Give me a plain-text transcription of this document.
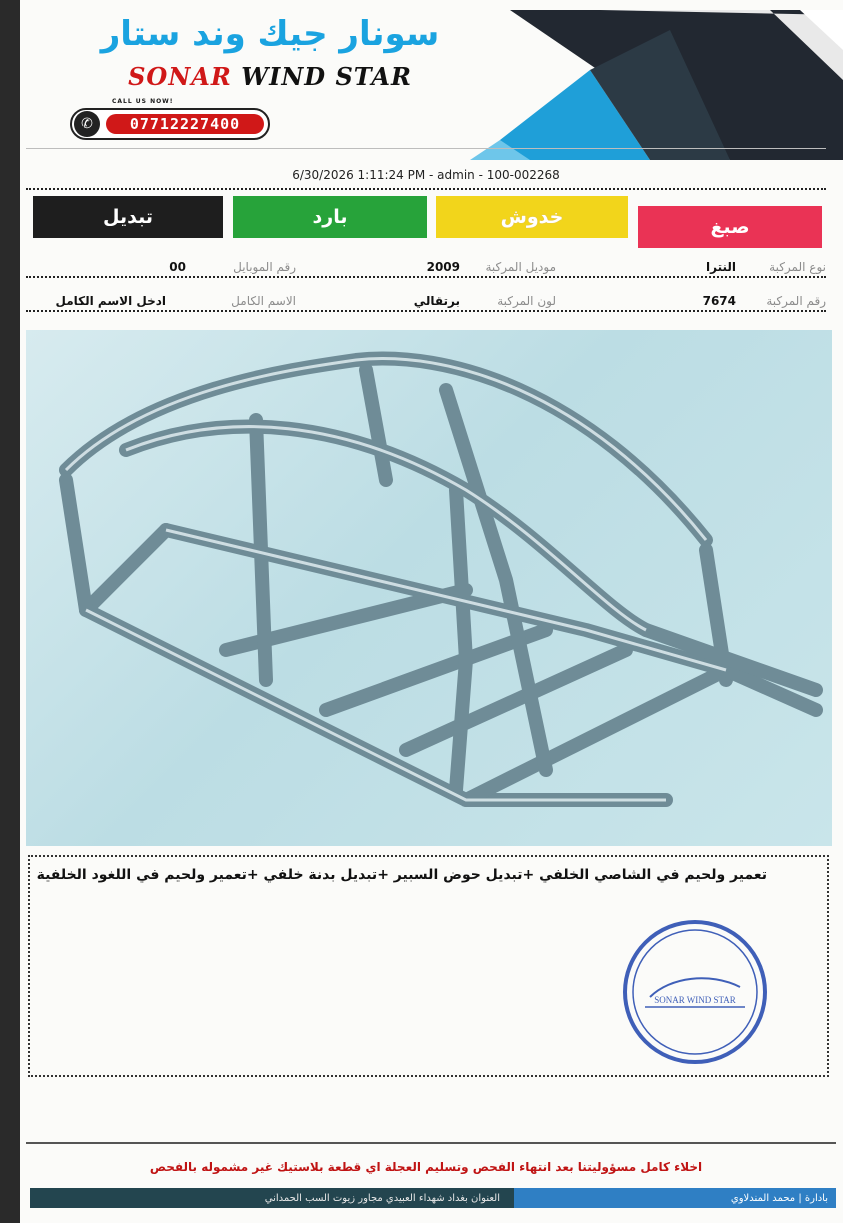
سونار جيك وند ستار
SONAR WIND STAR
CALL US NOW!
✆	07712227400
6/30/2026 1:11:24 PM - admin - 100-002268
تبديل	بارد	خدوش	صبغ
نوع المركبة
النترا
موديل المركبة
2009
رقم الموبايل
00
رقم المركبة
7674
لون المركبة
برتقالي
الاسم الكامل
ادخل الاسم الكامل
تعمير ولحيم في الشاصي الخلفي +تبديل حوض السبير +تبديل بدنة خلفي +تعمير ولحيم في اللغود الخلفية
SONAR WIND STAR
اخلاء كامل مسؤوليتنا بعد انتهاء الفحص وتسليم العجلة اي قطعة بلاستيك غير مشموله بالفحص
العنوان بغداد شهداء العبيدي مجاور زيوت السب الحمداني	بادارة | محمد المندلاوي
